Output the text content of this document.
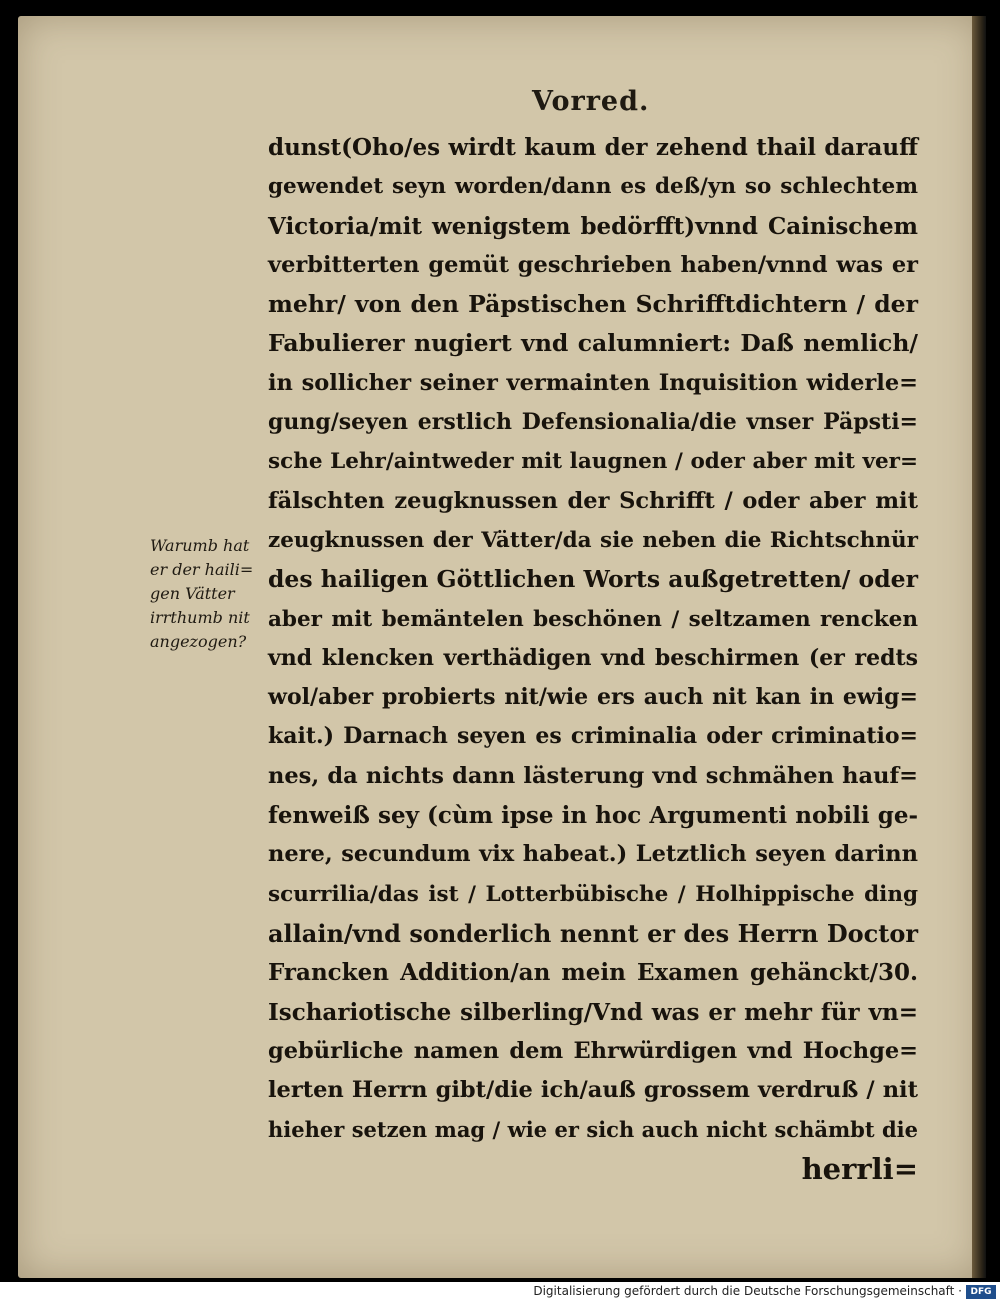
Vorred.
dunst(Oho/es wirdt kaum der zehend thail darauff
gewendet seyn worden/dann es deß/yn so schlechtem
Victoria/mit wenigstem bedörfft)vnnd Cainischem
verbitterten gemüt geschrieben haben/vnnd was er
mehr/ von den Päpstischen Schrifftdichtern / der
Fabulierer nugiert vnd calumniert: Daß nemlich/
in sollicher seiner vermainten Inquisition widerle=
gung/seyen erstlich Defensionalia/die vnser Päpsti=
sche Lehr/aintweder mit laugnen / oder aber mit ver=
fälschten zeugknussen der Schrifft / oder aber mit
zeugknussen der Vätter/da sie neben die Richtschnür
des hailigen Göttlichen Worts außgetretten/ oder
aber mit bemäntelen beschönen / seltzamen rencken
vnd klencken verthädigen vnd beschirmen (er redts
wol/aber probierts nit/wie ers auch nit kan in ewig=
kait.) Darnach seyen es criminalia oder criminatio=
nes, da nichts dann lästerung vnd schmähen hauf=
fenweiß sey (cùm ipse in hoc Argumenti nobili ge-
nere, secundum vix habeat.) Letztlich seyen darinn
scurrilia/das ist / Lotterbübische / Holhippische ding
allain/vnd sonderlich nennt er des Herrn Doctor
Francken Addition/an mein Examen gehänckt/30.
Ischariotische silberling/Vnd was er mehr für vn=
gebürliche namen dem Ehrwürdigen vnd Hochge=
lerten Herrn gibt/die ich/auß grossem verdruß / nit
hieher setzen mag / wie er sich auch nicht schämbt die
herrli=
Warumb hat
er der haili=
gen Vätter
irrthumb nit
angezogen?
Digitalisierung gefördert durch die Deutsche Forschungsgemeinschaft · DFG
